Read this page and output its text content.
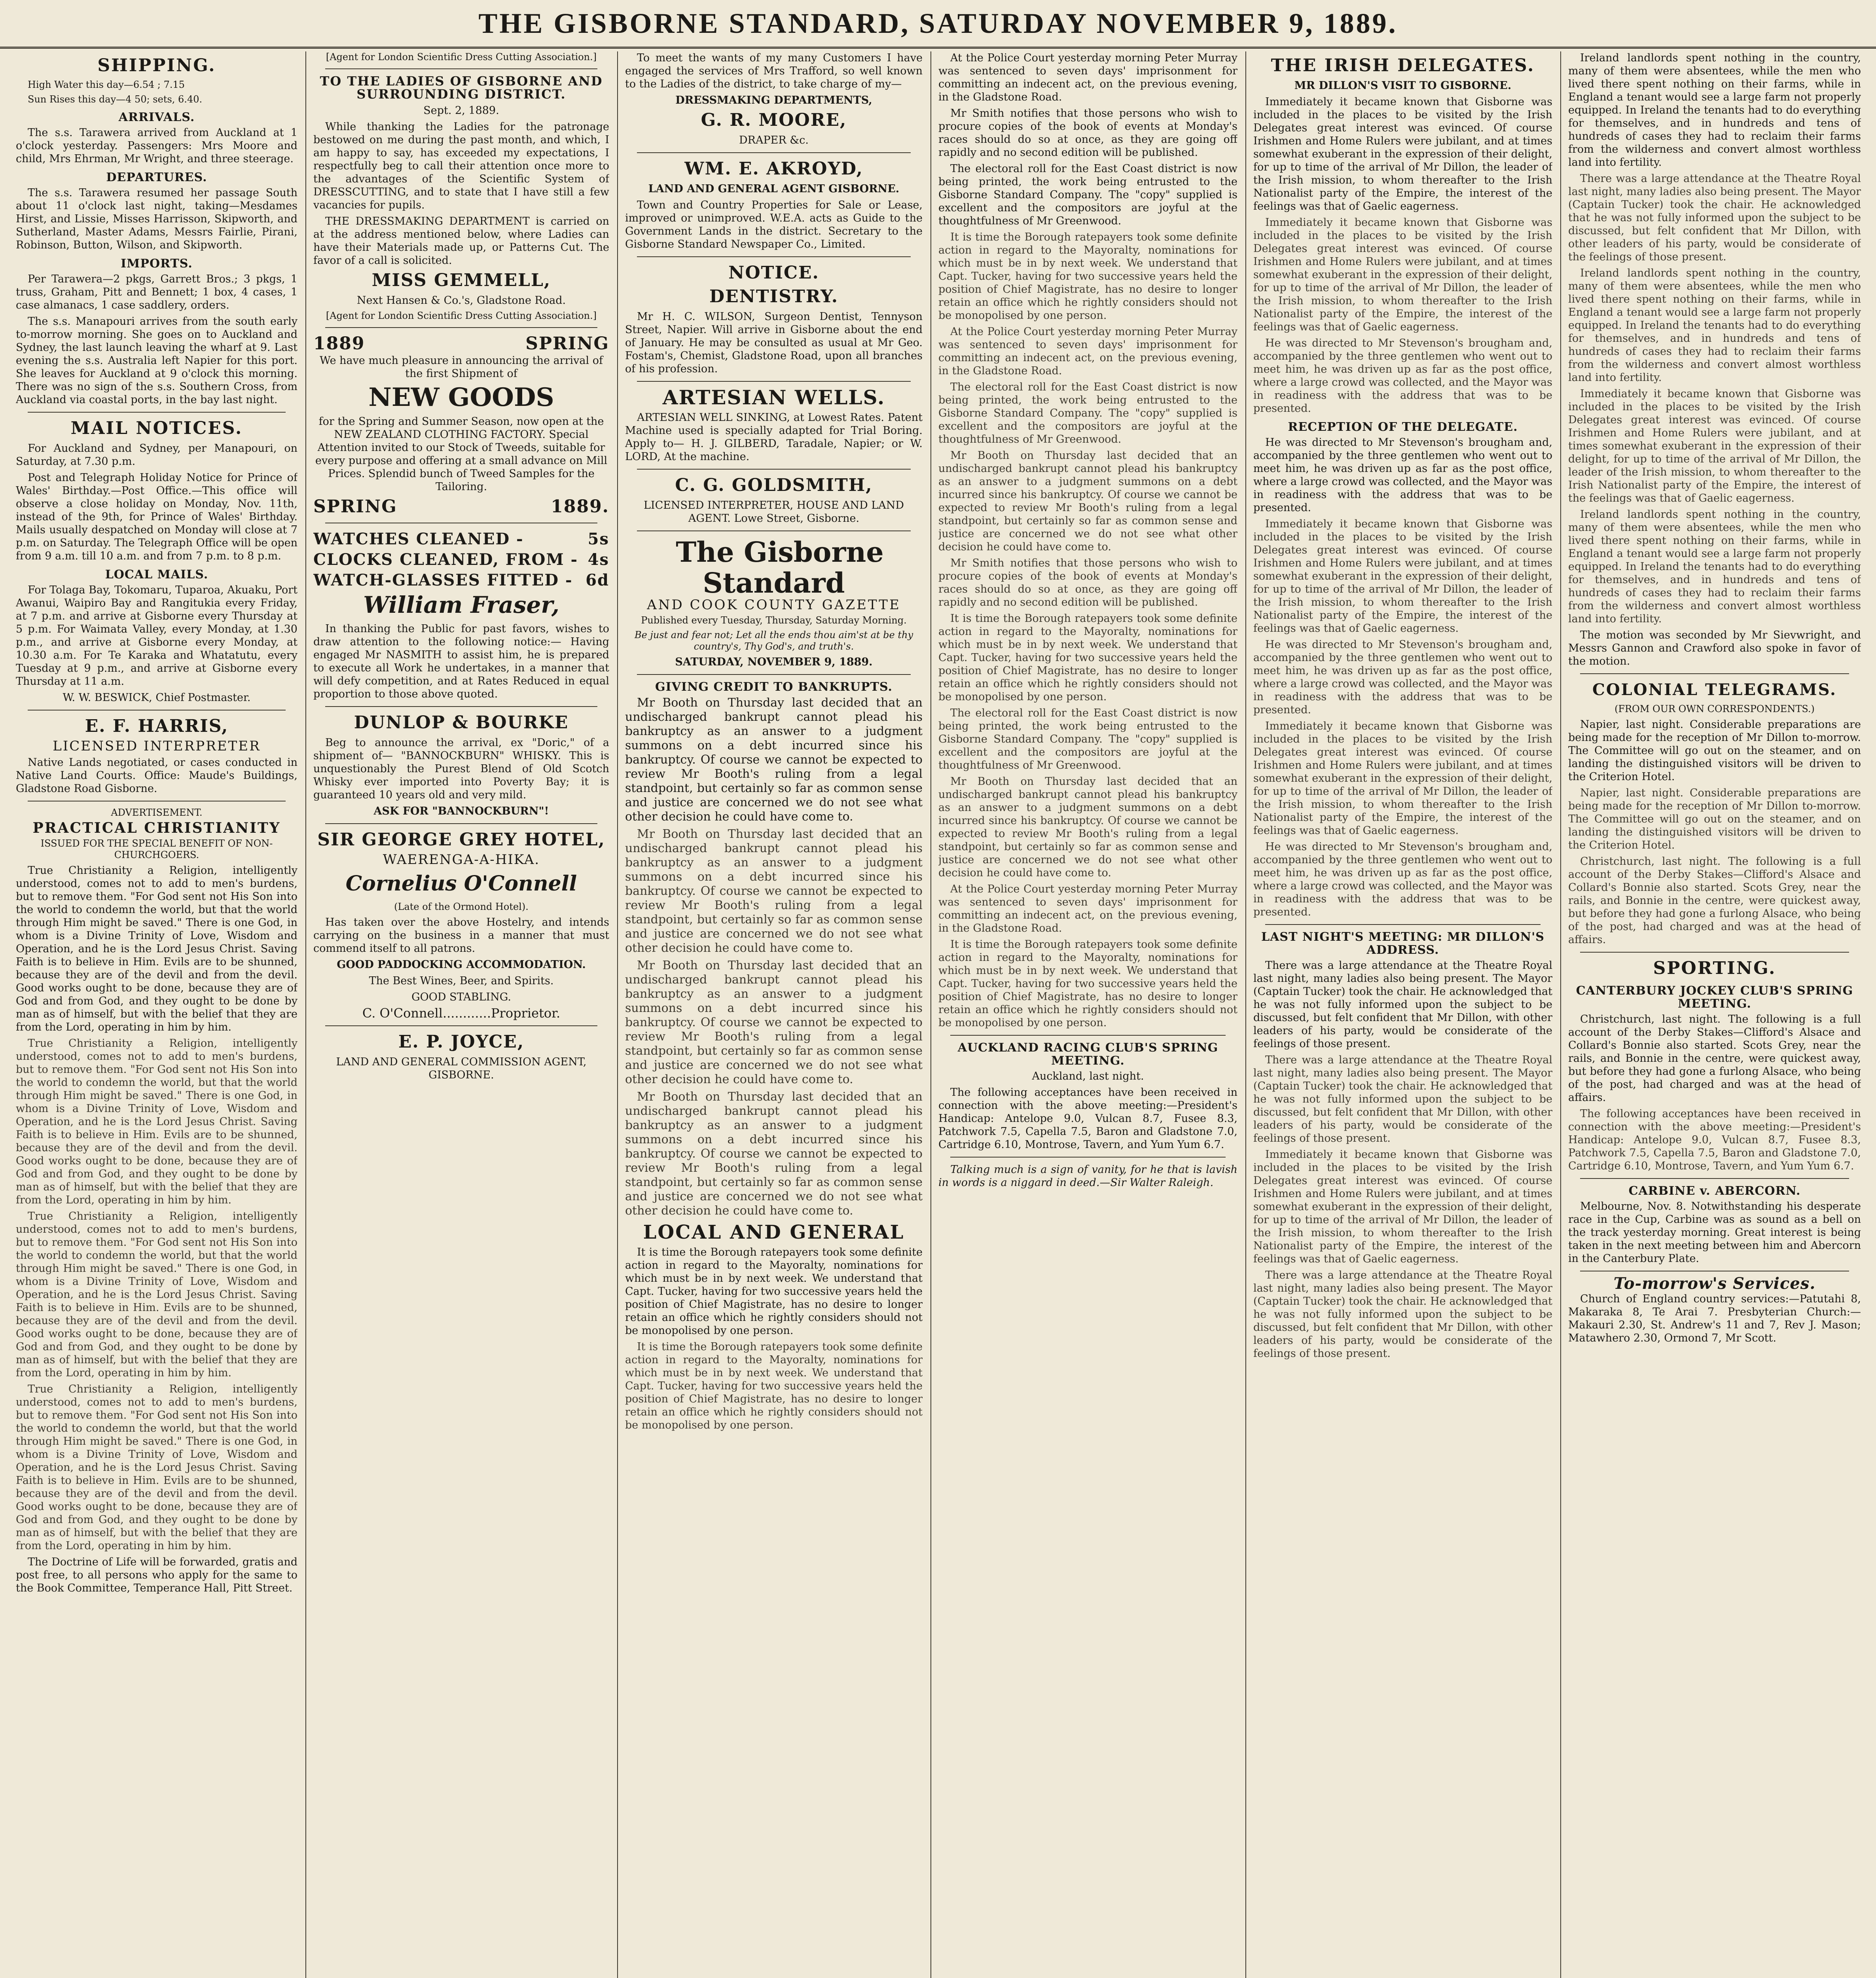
THE GISBORNE STANDARD, SATURDAY NOVEMBER 9, 1889.
SHIPPING.

High Water this day—6.54 ; 7.15

Sun Rises this day—4 50; sets, 6.40.

ARRIVALS.

The s.s. Tarawera arrived from Auckland at 1 o'clock yesterday. Passengers: Mrs Moore and child, Mrs Ehrman, Mr Wright, and three steerage.

DEPARTURES.

The s.s. Tarawera resumed her passage South about 11 o'clock last night, taking—Mesdames Hirst, and Lissie, Misses Harrisson, Skipworth, and Sutherland, Master Adams, Messrs Fairlie, Pirani, Robinson, Button, Wilson, and Skipworth.

IMPORTS.

Per Tarawera—2 pkgs, Garrett Bros.; 3 pkgs, 1 truss, Graham, Pitt and Bennett; 1 box, 4 cases, 1 case almanacs, 1 case saddlery, orders.

The s.s. Manapouri arrives from the south early to-morrow morning. She goes on to Auckland and Sydney, the last launch leaving the wharf at 9. Last evening the s.s. Australia left Napier for this port. She leaves for Auckland at 9 o'clock this morning. There was no sign of the s.s. Southern Cross, from Auckland via coastal ports, in the bay last night.

MAIL NOTICES.

For Auckland and Sydney, per Manapouri, on Saturday, at 7.30 p.m.

Post and Telegraph Holiday Notice for Prince of Wales' Birthday.—Post Office.—This office will observe a close holiday on Monday, Nov. 11th, instead of the 9th, for Prince of Wales' Birthday. Mails usually despatched on Monday will close at 7 p.m. on Saturday. The Telegraph Office will be open from 9 a.m. till 10 a.m. and from 7 p.m. to 8 p.m.

LOCAL MAILS.

For Tolaga Bay, Tokomaru, Tuparoa, Akuaku, Port Awanui, Waipiro Bay and Rangitukia every Friday, at 7 p.m. and arrive at Gisborne every Thursday at 5 p.m. For Waimata Valley, every Monday, at 1.30 p.m., and arrive at Gisborne every Monday, at 10.30 a.m. For Te Karaka and Whatatutu, every Tuesday at 9 p.m., and arrive at Gisborne every Thursday at 11 a.m.

W. W. BESWICK, Chief Postmaster.

E. F. HARRIS,

LICENSED INTERPRETER

Native Lands negotiated, or cases conducted in Native Land Courts. Office: Maude's Buildings, Gladstone Road Gisborne.

ADVERTISEMENT.

PRACTICAL CHRISTIANITY

ISSUED FOR THE SPECIAL BENEFIT OF NON-CHURCHGOERS.

True Christianity a Religion, intelligently understood, comes not to add to men's burdens, but to remove them. "For God sent not His Son into the world to condemn the world, but that the world through Him might be saved." There is one God, in whom is a Divine Trinity of Love, Wisdom and Operation, and he is the Lord Jesus Christ. Saving Faith is to believe in Him. Evils are to be shunned, because they are of the devil and from the devil. Good works ought to be done, because they are of God and from God, and they ought to be done by man as of himself, but with the belief that they are from the Lord, operating in him by him.

True Christianity a Religion, intelligently understood, comes not to add to men's burdens, but to remove them. "For God sent not His Son into the world to condemn the world, but that the world through Him might be saved." There is one God, in whom is a Divine Trinity of Love, Wisdom and Operation, and he is the Lord Jesus Christ. Saving Faith is to believe in Him. Evils are to be shunned, because they are of the devil and from the devil. Good works ought to be done, because they are of God and from God, and they ought to be done by man as of himself, but with the belief that they are from the Lord, operating in him by him.

True Christianity a Religion, intelligently understood, comes not to add to men's burdens, but to remove them. "For God sent not His Son into the world to condemn the world, but that the world through Him might be saved." There is one God, in whom is a Divine Trinity of Love, Wisdom and Operation, and he is the Lord Jesus Christ. Saving Faith is to believe in Him. Evils are to be shunned, because they are of the devil and from the devil. Good works ought to be done, because they are of God and from God, and they ought to be done by man as of himself, but with the belief that they are from the Lord, operating in him by him.

True Christianity a Religion, intelligently understood, comes not to add to men's burdens, but to remove them. "For God sent not His Son into the world to condemn the world, but that the world through Him might be saved." There is one God, in whom is a Divine Trinity of Love, Wisdom and Operation, and he is the Lord Jesus Christ. Saving Faith is to believe in Him. Evils are to be shunned, because they are of the devil and from the devil. Good works ought to be done, because they are of God and from God, and they ought to be done by man as of himself, but with the belief that they are from the Lord, operating in him by him.

The Doctrine of Life will be forwarded, gratis and post free, to all persons who apply for the same to the Book Committee, Temperance Hall, Pitt Street.

[Agent for London Scientific Dress Cutting Association.]

TO THE LADIES OF GISBORNE AND SURROUNDING DISTRICT.

Sept. 2, 1889.

While thanking the Ladies for the patronage bestowed on me during the past month, and which, I am happy to say, has exceeded my expectations, I respectfully beg to call their attention once more to the advantages of the Scientific System of DRESSCUTTING, and to state that I have still a few vacancies for pupils.

THE DRESSMAKING DEPARTMENT is carried on at the address mentioned below, where Ladies can have their Materials made up, or Patterns Cut. The favor of a call is solicited.

MISS GEMMELL,

Next Hansen & Co.'s, Gladstone Road.

[Agent for London Scientific Dress Cutting Association.]

1889	SPRING

We have much pleasure in announcing the arrival of the first Shipment of

NEW GOODS

for the Spring and Summer Season, now open at the NEW ZEALAND CLOTHING FACTORY. Special Attention invited to our Stock of Tweeds, suitable for every purpose and offering at a small advance on Mill Prices. Splendid bunch of Tweed Samples for the Tailoring.

SPRING	1889.
WATCHES CLEANED -	5s
CLOCKS CLEANED, FROM - 4s
WATCH-GLASSES FITTED - 6d

William Fraser,

In thanking the Public for past favors, wishes to draw attention to the following notice:— Having engaged Mr NASMITH to assist him, he is prepared to execute all Work he undertakes, in a manner that will defy competition, and at Rates Reduced in equal proportion to those above quoted.

DUNLOP & BOURKE

Beg to announce the arrival, ex "Doric," of a shipment of— "BANNOCKBURN" WHISKY. This is unquestionably the Purest Blend of Old Scotch Whisky ever imported into Poverty Bay; it is guaranteed 10 years old and very mild.

ASK FOR "BANNOCKBURN"!

SIR GEORGE GREY HOTEL,

WAERENGA-A-HIKA.

Cornelius O'Connell

(Late of the Ormond Hotel).

Has taken over the above Hostelry, and intends carrying on the business in a manner that must commend itself to all patrons.

GOOD PADDOCKING ACCOMMODATION.

The Best Wines, Beer, and Spirits.

GOOD STABLING.

C. O'Connell............Proprietor.

E. P. JOYCE,

LAND AND GENERAL COMMISSION AGENT, GISBORNE.

To meet the wants of my many Customers I have engaged the services of Mrs Trafford, so well known to the Ladies of the district, to take charge of my—

DRESSMAKING DEPARTMENTS,

G. R. MOORE,

DRAPER &c.

WM. E. AKROYD,

LAND AND GENERAL AGENT GISBORNE.

Town and Country Properties for Sale or Lease, improved or unimproved. W.E.A. acts as Guide to the Government Lands in the district. Secretary to the Gisborne Standard Newspaper Co., Limited.

NOTICE.

DENTISTRY.

Mr H. C. WILSON, Surgeon Dentist, Tennyson Street, Napier. Will arrive in Gisborne about the end of January. He may be consulted as usual at Mr Geo. Fostam's, Chemist, Gladstone Road, upon all branches of his profession.

ARTESIAN WELLS.

ARTESIAN WELL SINKING, at Lowest Rates. Patent Machine used is specially adapted for Trial Boring. Apply to— H. J. GILBERD, Taradale, Napier; or W. LORD, At the machine.

C. G. GOLDSMITH,

LICENSED INTERPRETER, HOUSE AND LAND AGENT. Lowe Street, Gisborne.

The Gisborne Standard

AND COOK COUNTY GAZETTE

Published every Tuesday, Thursday, Saturday Morning.

Be just and fear not; Let all the ends thou aim'st at be thy country's, Thy God's, and truth's.

SATURDAY, NOVEMBER 9, 1889.

GIVING CREDIT TO BANKRUPTS.

Mr Booth on Thursday last decided that an undischarged bankrupt cannot plead his bankruptcy as an answer to a judgment summons on a debt incurred since his bankruptcy. Of course we cannot be expected to review Mr Booth's ruling from a legal standpoint, but certainly so far as common sense and justice are concerned we do not see what other decision he could have come to.

Mr Booth on Thursday last decided that an undischarged bankrupt cannot plead his bankruptcy as an answer to a judgment summons on a debt incurred since his bankruptcy. Of course we cannot be expected to review Mr Booth's ruling from a legal standpoint, but certainly so far as common sense and justice are concerned we do not see what other decision he could have come to.

Mr Booth on Thursday last decided that an undischarged bankrupt cannot plead his bankruptcy as an answer to a judgment summons on a debt incurred since his bankruptcy. Of course we cannot be expected to review Mr Booth's ruling from a legal standpoint, but certainly so far as common sense and justice are concerned we do not see what other decision he could have come to.

Mr Booth on Thursday last decided that an undischarged bankrupt cannot plead his bankruptcy as an answer to a judgment summons on a debt incurred since his bankruptcy. Of course we cannot be expected to review Mr Booth's ruling from a legal standpoint, but certainly so far as common sense and justice are concerned we do not see what other decision he could have come to.

LOCAL AND GENERAL

It is time the Borough ratepayers took some definite action in regard to the Mayoralty, nominations for which must be in by next week. We understand that Capt. Tucker, having for two successive years held the position of Chief Magistrate, has no desire to longer retain an office which he rightly considers should not be monopolised by one person.

It is time the Borough ratepayers took some definite action in regard to the Mayoralty, nominations for which must be in by next week. We understand that Capt. Tucker, having for two successive years held the position of Chief Magistrate, has no desire to longer retain an office which he rightly considers should not be monopolised by one person.

At the Police Court yesterday morning Peter Murray was sentenced to seven days' imprisonment for committing an indecent act, on the previous evening, in the Gladstone Road.

Mr Smith notifies that those persons who wish to procure copies of the book of events at Monday's races should do so at once, as they are going off rapidly and no second edition will be published.

The electoral roll for the East Coast district is now being printed, the work being entrusted to the Gisborne Standard Company. The "copy" supplied is excellent and the compositors are joyful at the thoughtfulness of Mr Greenwood.

It is time the Borough ratepayers took some definite action in regard to the Mayoralty, nominations for which must be in by next week. We understand that Capt. Tucker, having for two successive years held the position of Chief Magistrate, has no desire to longer retain an office which he rightly considers should not be monopolised by one person.

At the Police Court yesterday morning Peter Murray was sentenced to seven days' imprisonment for committing an indecent act, on the previous evening, in the Gladstone Road.

The electoral roll for the East Coast district is now being printed, the work being entrusted to the Gisborne Standard Company. The "copy" supplied is excellent and the compositors are joyful at the thoughtfulness of Mr Greenwood.

Mr Booth on Thursday last decided that an undischarged bankrupt cannot plead his bankruptcy as an answer to a judgment summons on a debt incurred since his bankruptcy. Of course we cannot be expected to review Mr Booth's ruling from a legal standpoint, but certainly so far as common sense and justice are concerned we do not see what other decision he could have come to.

Mr Smith notifies that those persons who wish to procure copies of the book of events at Monday's races should do so at once, as they are going off rapidly and no second edition will be published.

It is time the Borough ratepayers took some definite action in regard to the Mayoralty, nominations for which must be in by next week. We understand that Capt. Tucker, having for two successive years held the position of Chief Magistrate, has no desire to longer retain an office which he rightly considers should not be monopolised by one person.

The electoral roll for the East Coast district is now being printed, the work being entrusted to the Gisborne Standard Company. The "copy" supplied is excellent and the compositors are joyful at the thoughtfulness of Mr Greenwood.

Mr Booth on Thursday last decided that an undischarged bankrupt cannot plead his bankruptcy as an answer to a judgment summons on a debt incurred since his bankruptcy. Of course we cannot be expected to review Mr Booth's ruling from a legal standpoint, but certainly so far as common sense and justice are concerned we do not see what other decision he could have come to.

At the Police Court yesterday morning Peter Murray was sentenced to seven days' imprisonment for committing an indecent act, on the previous evening, in the Gladstone Road.

It is time the Borough ratepayers took some definite action in regard to the Mayoralty, nominations for which must be in by next week. We understand that Capt. Tucker, having for two successive years held the position of Chief Magistrate, has no desire to longer retain an office which he rightly considers should not be monopolised by one person.

AUCKLAND RACING CLUB'S SPRING MEETING.

Auckland, last night.

The following acceptances have been received in connection with the above meeting:—President's Handicap: Antelope 9.0, Vulcan 8.7, Fusee 8.3, Patchwork 7.5, Capella 7.5, Baron and Gladstone 7.0, Cartridge 6.10, Montrose, Tavern, and Yum Yum 6.7.

Talking much is a sign of vanity, for he that is lavish in words is a niggard in deed.—Sir Walter Raleigh.

THE IRISH DELEGATES.

MR DILLON'S VISIT TO GISBORNE.

Immediately it became known that Gisborne was included in the places to be visited by the Irish Delegates great interest was evinced. Of course Irishmen and Home Rulers were jubilant, and at times somewhat exuberant in the expression of their delight, for up to time of the arrival of Mr Dillon, the leader of the Irish mission, to whom thereafter to the Irish Nationalist party of the Empire, the interest of the feelings was that of Gaelic eagerness.

Immediately it became known that Gisborne was included in the places to be visited by the Irish Delegates great interest was evinced. Of course Irishmen and Home Rulers were jubilant, and at times somewhat exuberant in the expression of their delight, for up to time of the arrival of Mr Dillon, the leader of the Irish mission, to whom thereafter to the Irish Nationalist party of the Empire, the interest of the feelings was that of Gaelic eagerness.

He was directed to Mr Stevenson's brougham and, accompanied by the three gentlemen who went out to meet him, he was driven up as far as the post office, where a large crowd was collected, and the Mayor was in readiness with the address that was to be presented.

RECEPTION OF THE DELEGATE.

He was directed to Mr Stevenson's brougham and, accompanied by the three gentlemen who went out to meet him, he was driven up as far as the post office, where a large crowd was collected, and the Mayor was in readiness with the address that was to be presented.

Immediately it became known that Gisborne was included in the places to be visited by the Irish Delegates great interest was evinced. Of course Irishmen and Home Rulers were jubilant, and at times somewhat exuberant in the expression of their delight, for up to time of the arrival of Mr Dillon, the leader of the Irish mission, to whom thereafter to the Irish Nationalist party of the Empire, the interest of the feelings was that of Gaelic eagerness.

He was directed to Mr Stevenson's brougham and, accompanied by the three gentlemen who went out to meet him, he was driven up as far as the post office, where a large crowd was collected, and the Mayor was in readiness with the address that was to be presented.

Immediately it became known that Gisborne was included in the places to be visited by the Irish Delegates great interest was evinced. Of course Irishmen and Home Rulers were jubilant, and at times somewhat exuberant in the expression of their delight, for up to time of the arrival of Mr Dillon, the leader of the Irish mission, to whom thereafter to the Irish Nationalist party of the Empire, the interest of the feelings was that of Gaelic eagerness.

He was directed to Mr Stevenson's brougham and, accompanied by the three gentlemen who went out to meet him, he was driven up as far as the post office, where a large crowd was collected, and the Mayor was in readiness with the address that was to be presented.

LAST NIGHT'S MEETING: MR DILLON'S ADDRESS.

There was a large attendance at the Theatre Royal last night, many ladies also being present. The Mayor (Captain Tucker) took the chair. He acknowledged that he was not fully informed upon the subject to be discussed, but felt confident that Mr Dillon, with other leaders of his party, would be considerate of the feelings of those present.

There was a large attendance at the Theatre Royal last night, many ladies also being present. The Mayor (Captain Tucker) took the chair. He acknowledged that he was not fully informed upon the subject to be discussed, but felt confident that Mr Dillon, with other leaders of his party, would be considerate of the feelings of those present.

Immediately it became known that Gisborne was included in the places to be visited by the Irish Delegates great interest was evinced. Of course Irishmen and Home Rulers were jubilant, and at times somewhat exuberant in the expression of their delight, for up to time of the arrival of Mr Dillon, the leader of the Irish mission, to whom thereafter to the Irish Nationalist party of the Empire, the interest of the feelings was that of Gaelic eagerness.

There was a large attendance at the Theatre Royal last night, many ladies also being present. The Mayor (Captain Tucker) took the chair. He acknowledged that he was not fully informed upon the subject to be discussed, but felt confident that Mr Dillon, with other leaders of his party, would be considerate of the feelings of those present.

Ireland landlords spent nothing in the country, many of them were absentees, while the men who lived there spent nothing on their farms, while in England a tenant would see a large farm not properly equipped. In Ireland the tenants had to do everything for themselves, and in hundreds and tens of hundreds of cases they had to reclaim their farms from the wilderness and convert almost worthless land into fertility.

There was a large attendance at the Theatre Royal last night, many ladies also being present. The Mayor (Captain Tucker) took the chair. He acknowledged that he was not fully informed upon the subject to be discussed, but felt confident that Mr Dillon, with other leaders of his party, would be considerate of the feelings of those present.

Ireland landlords spent nothing in the country, many of them were absentees, while the men who lived there spent nothing on their farms, while in England a tenant would see a large farm not properly equipped. In Ireland the tenants had to do everything for themselves, and in hundreds and tens of hundreds of cases they had to reclaim their farms from the wilderness and convert almost worthless land into fertility.

Immediately it became known that Gisborne was included in the places to be visited by the Irish Delegates great interest was evinced. Of course Irishmen and Home Rulers were jubilant, and at times somewhat exuberant in the expression of their delight, for up to time of the arrival of Mr Dillon, the leader of the Irish mission, to whom thereafter to the Irish Nationalist party of the Empire, the interest of the feelings was that of Gaelic eagerness.

Ireland landlords spent nothing in the country, many of them were absentees, while the men who lived there spent nothing on their farms, while in England a tenant would see a large farm not properly equipped. In Ireland the tenants had to do everything for themselves, and in hundreds and tens of hundreds of cases they had to reclaim their farms from the wilderness and convert almost worthless land into fertility.

The motion was seconded by Mr Sievwright, and Messrs Gannon and Crawford also spoke in favor of the motion.

COLONIAL TELEGRAMS.

(FROM OUR OWN CORRESPONDENTS.)

Napier, last night. Considerable preparations are being made for the reception of Mr Dillon to-morrow. The Committee will go out on the steamer, and on landing the distinguished visitors will be driven to the Criterion Hotel.

Napier, last night. Considerable preparations are being made for the reception of Mr Dillon to-morrow. The Committee will go out on the steamer, and on landing the distinguished visitors will be driven to the Criterion Hotel.

Christchurch, last night. The following is a full account of the Derby Stakes—Clifford's Alsace and Collard's Bonnie also started. Scots Grey, near the rails, and Bonnie in the centre, were quickest away, but before they had gone a furlong Alsace, who being of the post, had charged and was at the head of affairs.

SPORTING.
CANTERBURY JOCKEY CLUB'S SPRING MEETING.

Christchurch, last night. The following is a full account of the Derby Stakes—Clifford's Alsace and Collard's Bonnie also started. Scots Grey, near the rails, and Bonnie in the centre, were quickest away, but before they had gone a furlong Alsace, who being of the post, had charged and was at the head of affairs.

The following acceptances have been received in connection with the above meeting:—President's Handicap: Antelope 9.0, Vulcan 8.7, Fusee 8.3, Patchwork 7.5, Capella 7.5, Baron and Gladstone 7.0, Cartridge 6.10, Montrose, Tavern, and Yum Yum 6.7.

CARBINE v. ABERCORN.

Melbourne, Nov. 8. Notwithstanding his desperate race in the Cup, Carbine was as sound as a bell on the track yesterday morning. Great interest is being taken in the next meeting between him and Abercorn in the Canterbury Plate.

To-morrow's Services.

Church of England country services:—Patutahi 8, Makaraka 8, Te Arai 7. Presbyterian Church:—Makauri 2.30, St. Andrew's 11 and 7, Rev J. Mason; Matawhero 2.30, Ormond 7, Mr Scott.
